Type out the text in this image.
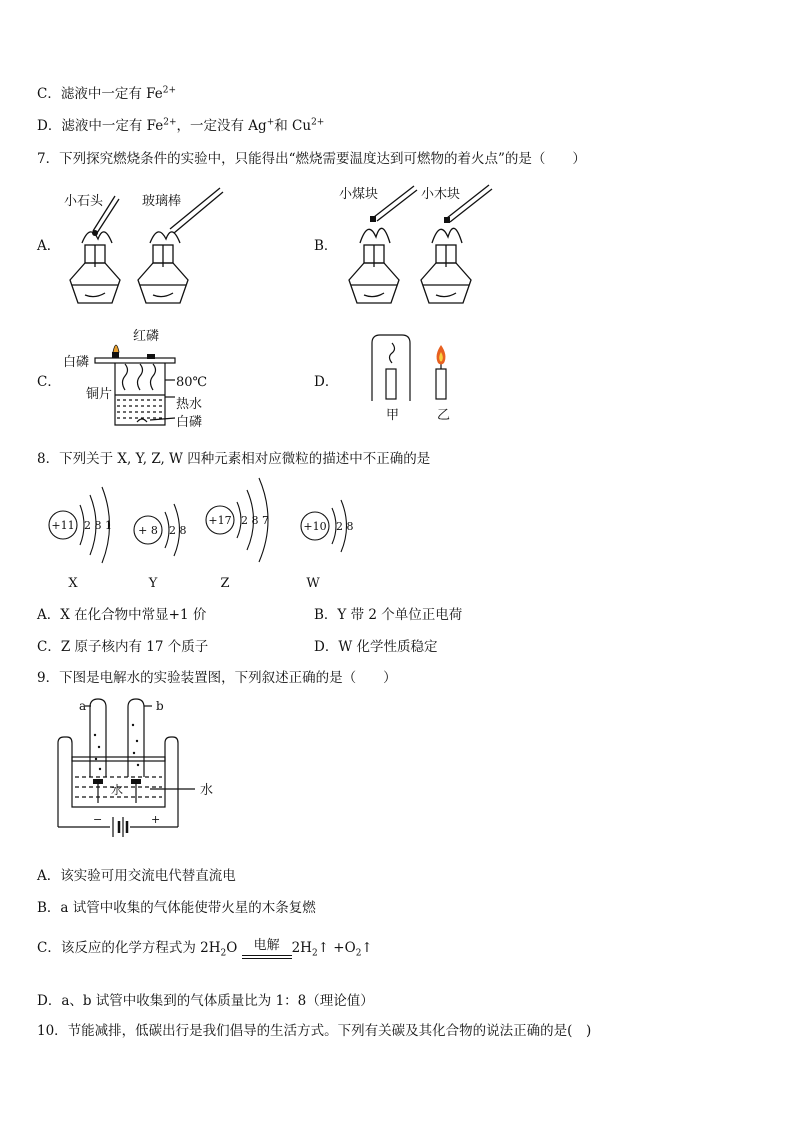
C．滤液中一定有 $Fe^{2+}$
D．滤液中一定有 $Fe^{2+}$，一定没有 Ag+和 $Cu^{2+}$
7．下列探究燃烧条件的实验中，只能得出“燃烧需要温度达到可燃物的着火点”的是（　　）
A．
小石头	玻璃棒
B．
小煤块	小木块
C．
红磷
白磷
铜片
80℃
热水
白磷
D．
甲	乙
8．下列关于 X, Y, Z, W 四种元素相对应微粒的描述中不正确的是
+11 2 8 1 + 8 2 8
+17 2 8 7	+10 2 8
X	Y	Z	W
A．X 在化合物中常显+1 价	B．Y 带 2 个单位正电荷
C．Z 原子核内有 17 个质子	D．W 化学性质稳定
9．下图是电解水的实验装置图，下列叙述正确的是（　　）
a	b
水	水
−	+
A．该实验可用交流电代替直流电
B．a 试管中收集的气体能使带火星的木条复燃
C．该反应的化学方程式为 $2H_2O$	电解 $2H_2↑$ $+O_2↑$
D．a、b 试管中收集到的气体质量比为 1：8（理论值）
10．节能减排，低碳出行是我们倡导的生活方式。下列有关碳及其化合物的说法正确的是(　)
